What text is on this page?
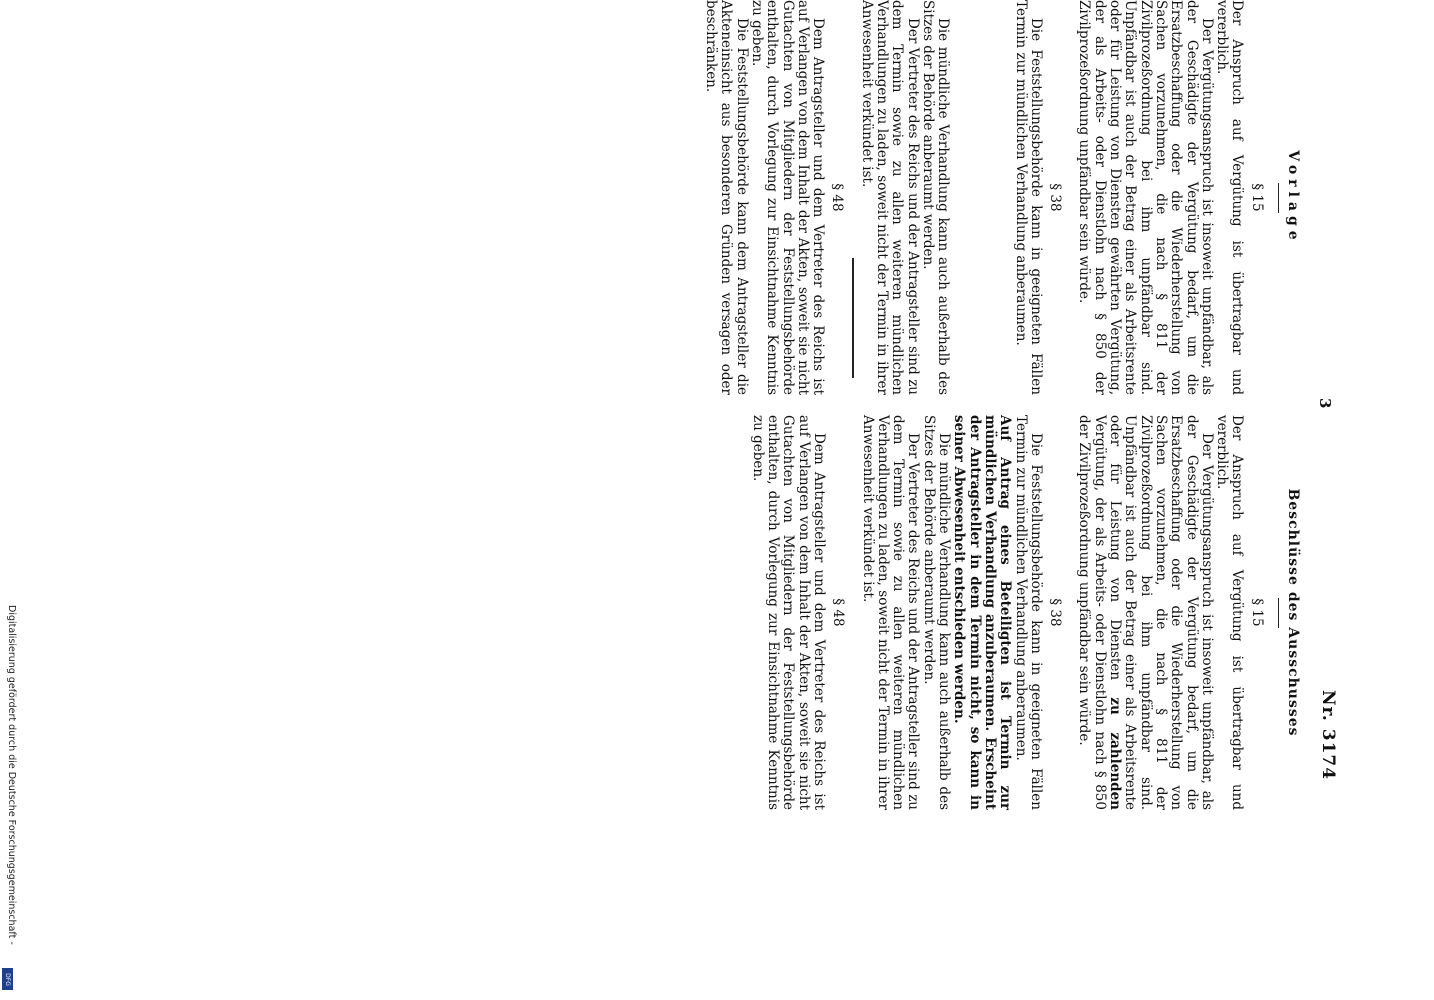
3
Nr. 3174
Vorlage
§ 15

Der Anspruch auf Vergütung ist übertragbar und vererblich.

Der Vergütungsanspruch ist insoweit unpfändbar, als der Geschädigte der Vergütung bedarf, um die Ersatzbeschaffung oder die Wiederherstellung von Sachen vorzunehmen, die nach § 811 der Zivilprozeßordnung bei ihm unpfändbar sind. Unpfändbar ist auch der Betrag einer als Arbeitsrente oder für Leistung von Diensten gewährten Vergütung, der als Arbeits- oder Dienstlohn nach § 850 der Zivilprozeßordnung unpfändbar sein würde.

§ 38

Die Feststellungsbehörde kann in geeigneten Fällen Termin zur mündlichen Verhandlung anberaumen.

Die mündliche Verhandlung kann auch außerhalb des Sitzes der Behörde anberaumt werden.

Der Vertreter des Reichs und der Antragsteller sind zu dem Termin sowie zu allen weiteren mündlichen Verhandlungen zu laden, soweit nicht der Termin in ihrer Anwesenheit verkündet ist.

§ 48

Dem Antragsteller und dem Vertreter des Reichs ist auf Verlangen von dem Inhalt der Akten, soweit sie nicht Gutachten von Mitgliedern der Feststellungsbehörde enthalten, durch Vorlegung zur Einsichtnahme Kenntnis zu geben.

Die Feststellungsbehörde kann dem Antragsteller die Akteneinsicht aus besonderen Gründen versagen oder beschränken.

Beschlüsse des Ausschusses
§ 15

Der Anspruch auf Vergütung ist übertragbar und vererblich.

Der Vergütungsanspruch ist insoweit unpfändbar, als der Geschädigte der Vergütung bedarf, um die Ersatzbeschaffung oder die Wiederherstellung von Sachen vorzunehmen, die nach § 811 der Zivilprozeßordnung bei ihm unpfändbar sind. Unpfändbar ist auch der Betrag einer als Arbeitsrente oder für Leistung von Diensten zu zahlenden Vergütung, der als Arbeits- oder Dienstlohn nach § 850 der Zivilprozeßordnung unpfändbar sein würde.

§ 38

Die Feststellungsbehörde kann in geeigneten Fällen Termin zur mündlichen Verhandlung anberaumen.

Auf Antrag eines Beteiligten ist Termin zur mündlichen Verhandlung anzuberaumen. Erscheint der Antragsteller in dem Termin nicht, so kann in seiner Abwesenheit entschieden werden.

Die mündliche Verhandlung kann auch außerhalb des Sitzes der Behörde anberaumt werden.

Der Vertreter des Reichs und der Antragsteller sind zu dem Termin sowie zu allen weiteren mündlichen Verhandlungen zu laden, soweit nicht der Termin in ihrer Anwesenheit verkündet ist.

§ 48

Dem Antragsteller und dem Vertreter des Reichs ist auf Verlangen von dem Inhalt der Akten, soweit sie nicht Gutachten von Mitgliedern der Feststellungsbehörde enthalten, durch Vorlegung zur Einsichtnahme Kenntnis zu geben.

Digitalisierung gefördert durch die Deutsche Forschungsgemeinschaft -
DFG
